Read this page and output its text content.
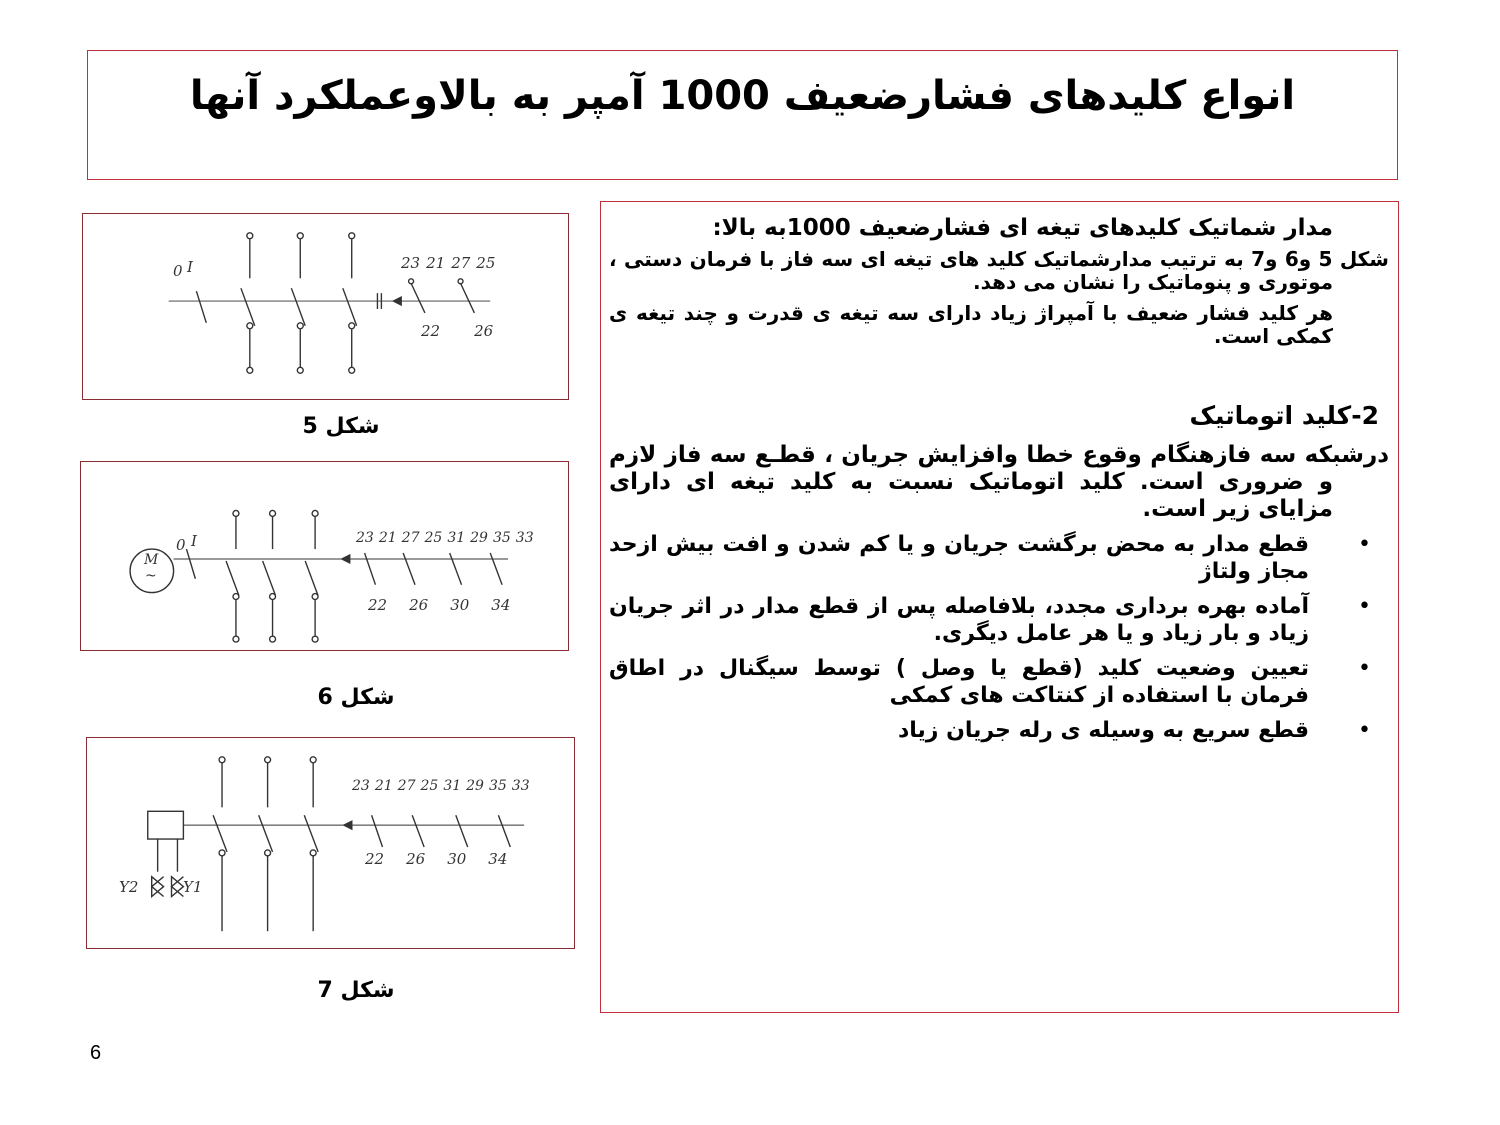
انواع کلیدهای فشارضعیف 1000 آمپر به بالاوعملکرد آنها

مدار شماتیک کلیدهای تیغه ای فشارضعیف 1000به بالا:

شکل 5 و6 و7 به ترتیب مدارشماتیک کلید های تیغه ای سه فاز با فرمان دستی ، موتوری و پنوماتیک را نشان می دهد.

هر کلید فشار ضعیف با آمپراژ زیاد دارای سه تیغه ی قدرت و چند تیغه ی کمکی است.

2-کلید اتوماتیک

درشبکه سه فازهنگام وقوع خطا وافزایش جریان ، قطـع سه فاز لازم و ضروری است. کلید اتوماتیک نسبت به کلید تیغه ای دارای مزایای زیر است.

•
قطع مدار به محض برگشت جریان و یا کم شدن و افت بیش ازحد مجاز ولتاژ
•
آماده بهره برداری مجدد، بلافاصله پس از قطع مدار در اثر جریان زیاد و بار زیاد و یا هر عامل دیگری.
•
تعیین وضعیت کلید (قطع یا وصل ) توسط سیگنال در اطاق فرمان با استفاده از کنتاکت های کمکی
•
قطع سریع به وسیله ی رله جریان زیاد
0 I	23 21 27 25
22 26
شکل 5
M
~
0 I	23 21 27 25 31 29 35 33
22 26 30 34
شکل 6
Y2	Y1
23 21 27 25 31 29 35 33
22 26 30 34
شکل 7
6
